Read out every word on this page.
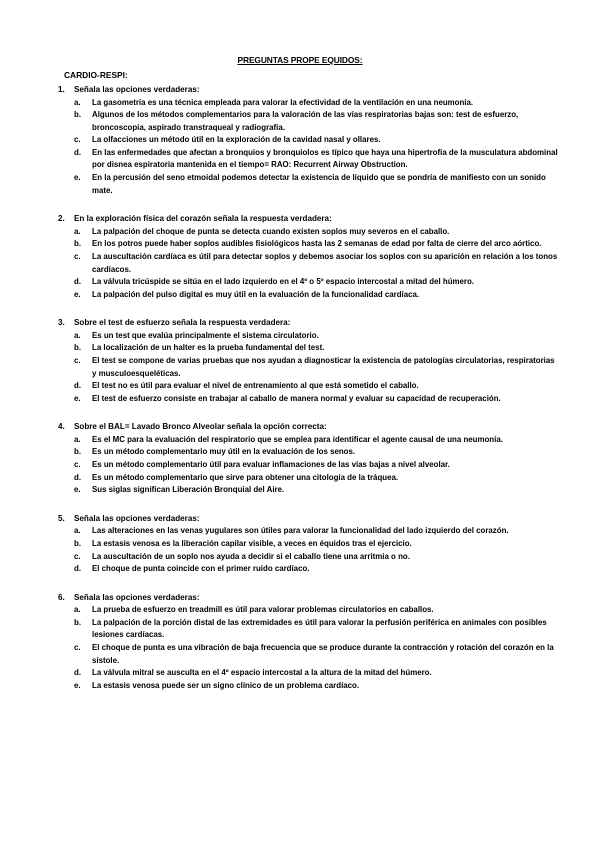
PREGUNTAS PROPE EQUIDOS:
CARDIO-RESPI:
1.	Señala las opciones verdaderas:
a.	La gasometría es una técnica empleada para valorar la efectividad de la ventilación en una neumonía.
b.	Algunos de los métodos complementarios para la valoración de las vías respiratorias bajas son: test de esfuerzo, broncoscopia, aspirado transtraqueal y radiografía.
c.	La olfacciones un método útil en la exploración de la cavidad nasal y ollares.
d.	En las enfermedades que afectan a bronquios y bronquiolos es típico que haya una hipertrofia de la musculatura abdominal por disnea espiratoria mantenida en el tiempo= RAO: Recurrent Airway Obstruction.
e.	En la percusión del seno etmoidal podemos detectar la existencia de líquido que se pondría de manifiesto con un sonido mate.
2.	En la exploración física del corazón señala la respuesta verdadera:
a.	La palpación del choque de punta se detecta cuando existen soplos muy severos en el caballo.
b.	En los potros puede haber soplos audibles fisiológicos hasta las 2 semanas de edad por falta de cierre del arco aórtico.
c.	La auscultación cardíaca es útil para detectar soplos y debemos asociar los soplos con su aparición en relación a los tonos cardíacos.
d.	La válvula tricúspide se sitúa en el lado izquierdo en el 4º o 5º espacio intercostal a mitad del húmero.
e.	La palpación del pulso digital es muy útil en la evaluación de la funcionalidad cardíaca.
3.	Sobre el test de esfuerzo señala la respuesta verdadera:
a.	Es un test que evalúa principalmente el sistema circulatorio.
b.	La localización de un halter es la prueba fundamental del test.
c.	El test se compone de varias pruebas que nos ayudan a diagnosticar la existencia de patologías circulatorias, respiratorias y musculoesqueléticas.
d.	El test no es útil para evaluar el nivel de entrenamiento al que está sometido el caballo.
e.	El test de esfuerzo consiste en trabajar al caballo de manera normal y evaluar su capacidad de recuperación.
4.	Sobre el BAL= Lavado Bronco Alveolar señala la opción correcta:
a.	Es el MC para la evaluación del respiratorio que se emplea para identificar el agente causal de una neumonía.
b.	Es un método complementario muy útil en la evaluación de los senos.
c.	Es un método complementario útil para evaluar inflamaciones de las vías bajas a nivel alveolar.
d.	Es un método complementario que sirve para obtener una citología de la tráquea.
e.	Sus siglas significan Liberación Bronquial del Aire.
5.	Señala las opciones verdaderas:
a.	Las alteraciones en las venas yugulares son útiles para valorar la funcionalidad del lado izquierdo del corazón.
b.	La estasis venosa es la liberación capilar visible, a veces en équidos tras el ejercicio.
c.	La auscultación de un soplo nos ayuda a decidir si el caballo tiene una arritmia o no.
d.	El choque de punta coincide con el primer ruido cardíaco.
6.	Señala las opciones verdaderas:
a.	La prueba de esfuerzo en treadmill es útil para valorar problemas circulatorios en caballos.
b.	La palpación de la porción distal de las extremidades es útil para valorar la perfusión periférica en animales con posibles lesiones cardíacas.
c.	El choque de punta es una vibración de baja frecuencia que se produce durante la contracción y rotación del corazón en la sístole.
d.	La válvula mitral se ausculta en el 4º espacio intercostal a la altura de la mitad del húmero.
e.	La estasis venosa puede ser un signo clínico de un problema cardíaco.
